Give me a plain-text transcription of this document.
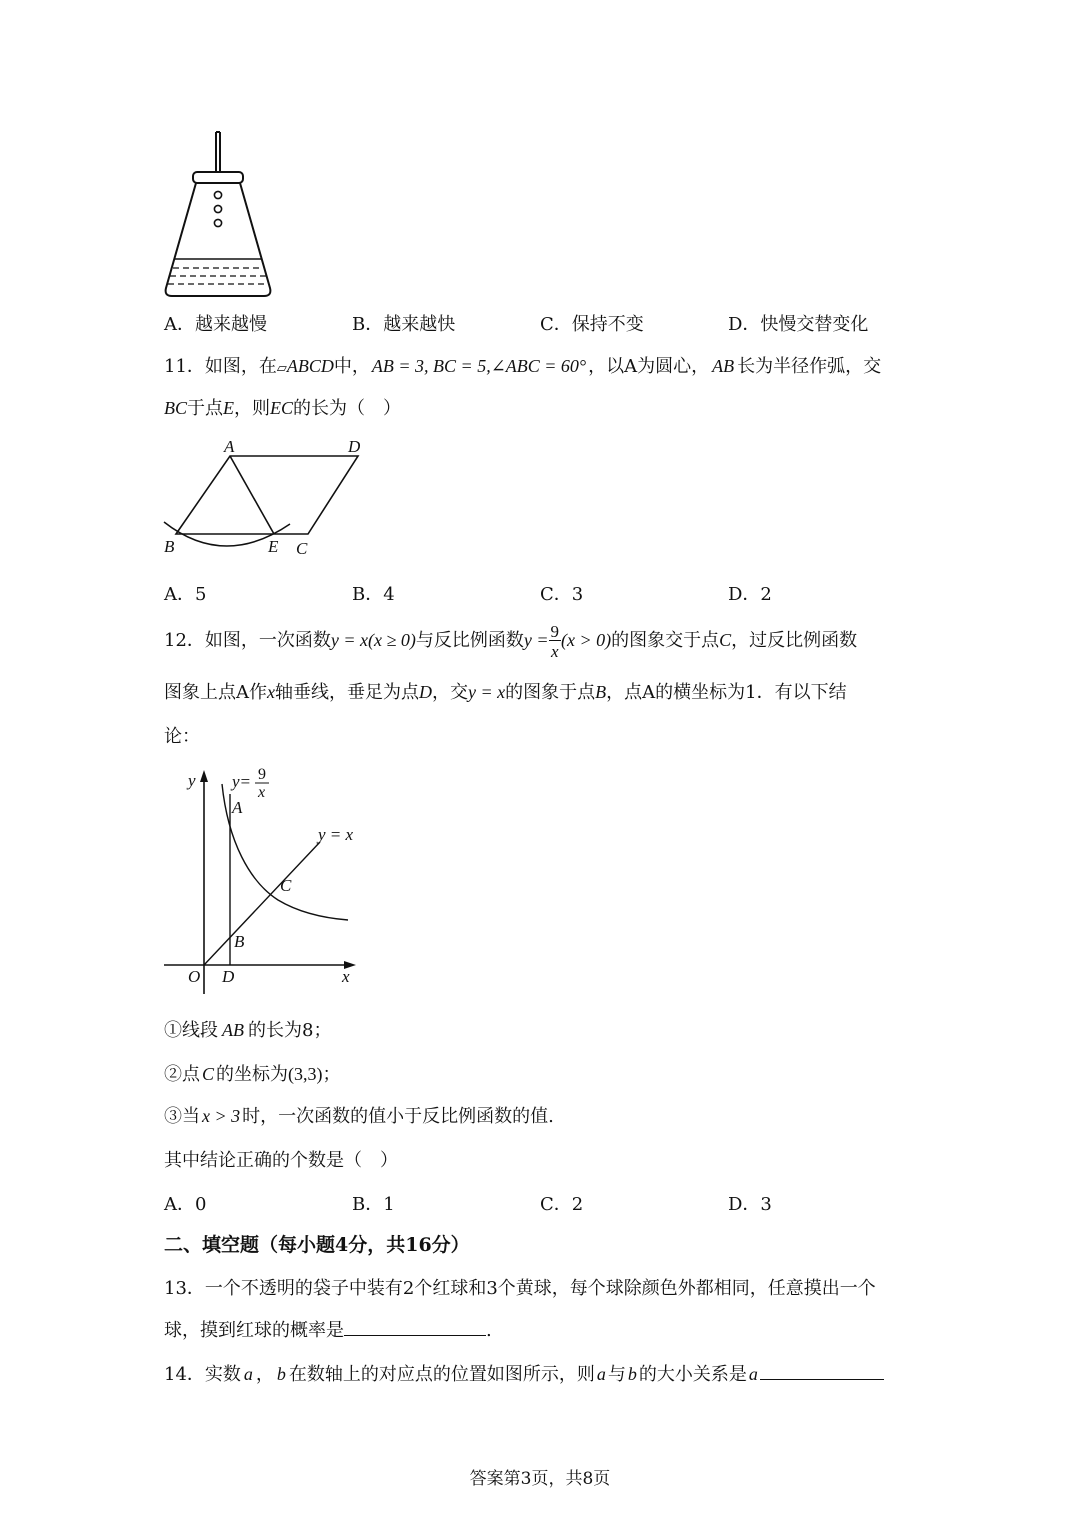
A．越来越慢	B．越来越快	C．保持不变	D．快慢交替变化
11．如图，在▱ABCD中， AB = 3, BC = 5,∠ABC = 60° ，以A为圆心， AB 长为半径作弧，交
BC于点E，则EC的长为（　）
A	D
B	E C
A．5	B．4	C．3	D．2
12．如图，一次函数y = x(x ≥ 0)与反比例函数$y = \frac{9}{x} (x > 0)$的图象交于点C，过反比例函数
图象上点A作x轴垂线，垂足为点D，交y = x的图象于点B，点A的横坐标为1．有以下结
论：
y
x
O
y= 9
x
y = x
A
B
C
D
①线段 AB 的长为8；
②点 C 的坐标为(3,3)；
③当 x > 3 时，一次函数的值小于反比例函数的值.
其中结论正确的个数是（　）
A．0	B．1	C．2	D．3
二、填空题（每小题4分，共16分）
13．一个不透明的袋子中装有2个红球和3个黄球，每个球除颜色外都相同，任意摸出一个
球，摸到红球的概率是	.
14．实数 a ， b 在数轴上的对应点的位置如图所示，则 a 与 b 的大小关系是 a
答案第3页，共8页
